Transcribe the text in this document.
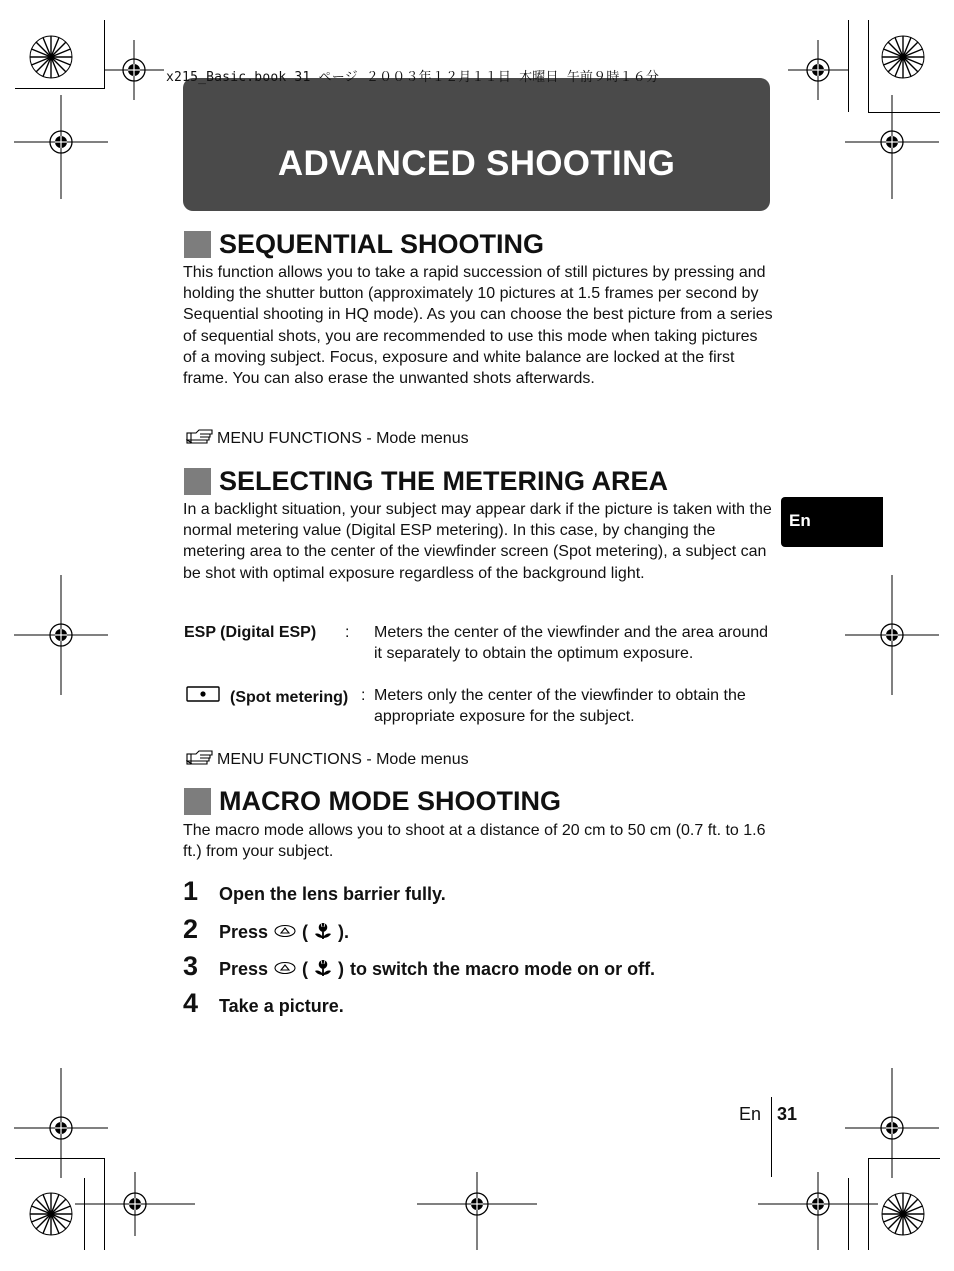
ADVANCED SHOOTING
x215_Basic.book 31 ページ ２００３年１２月１１日 木曜日 午前９時１６分
SEQUENTIAL SHOOTING
This function allows you to take a rapid succession of still pictures by pressing and holding the shutter button (approximately 10 pictures at 1.5 frames per second by Sequential shooting in HQ mode). As you can choose the best picture from a series of sequential shots, you are recommended to use this mode when taking pictures of a moving subject. Focus, exposure and white balance are locked at the first frame. You can also erase the unwanted shots afterwards.
MENU FUNCTIONS - Mode menus
SELECTING THE METERING AREA
In a backlight situation, your subject may appear dark if the picture is taken with the normal metering value (Digital ESP metering). In this case, by changing the metering area to the center of the viewfinder screen (Spot metering), a subject can be shot with optimal exposure regardless of the background light.
ESP (Digital ESP) : Meters the center of the viewfinder and the area around it separately to obtain the optimum exposure.
(Spot metering) : Meters only the center of the viewfinder to obtain the appropriate exposure for the subject.
MENU FUNCTIONS - Mode menus
MACRO MODE SHOOTING
The macro mode allows you to shoot at a distance of 20 cm to 50 cm (0.7 ft. to 1.6 ft.) from your subject.
1	Open the lens barrier fully.
2	Press ( ).
3	Press ( ) to switch the macro mode on or off.
4	Take a picture.
En
En 31
